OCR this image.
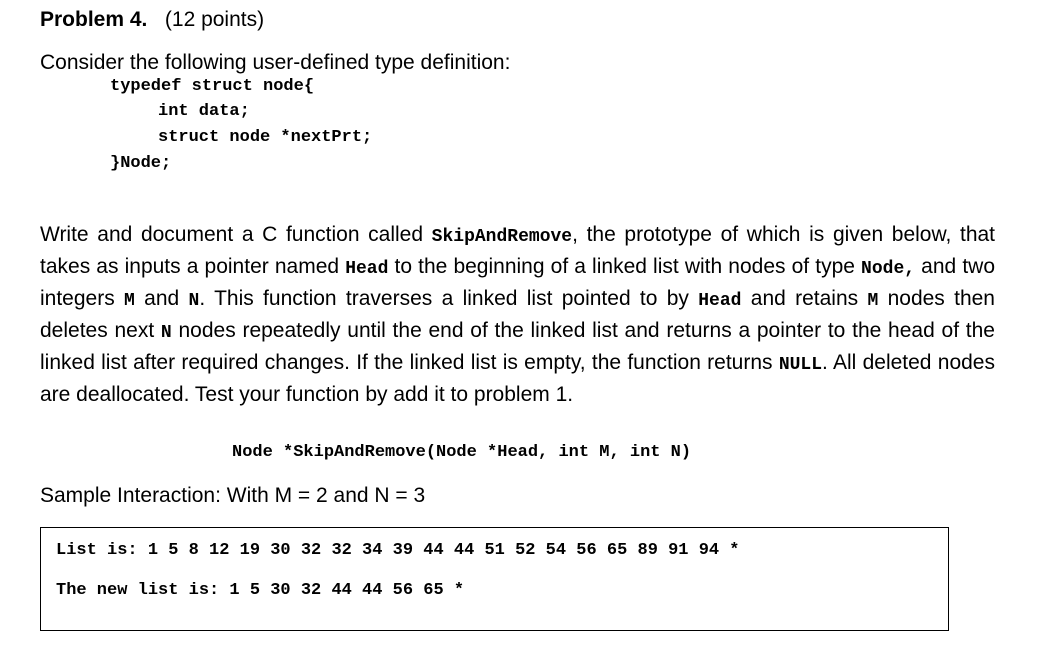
Problem 4. (12 points)
Consider the following user-defined type definition:
typedef struct node{
int data;
struct node *nextPrt;
}Node;
Write and document a C function called SkipAndRemove, the prototype of which is given below, that takes as inputs a pointer named Head to the beginning of a linked list with nodes of type Node, and two integers M and N. This function traverses a linked list pointed to by Head and retains M nodes then deletes next N nodes repeatedly until the end of the linked list and returns a pointer to the head of the linked list after required changes. If the linked list is empty, the function returns NULL. All deleted nodes are deallocated. Test your function by add it to problem 1.
Node *SkipAndRemove(Node *Head, int M, int N)
Sample Interaction: With M = 2 and N = 3
List is: 1 5 8 12 19 30 32 32 34 39 44 44 51 52 54 56 65 89 91 94 *
The new list is: 1 5 30 32 44 44 56 65 *
